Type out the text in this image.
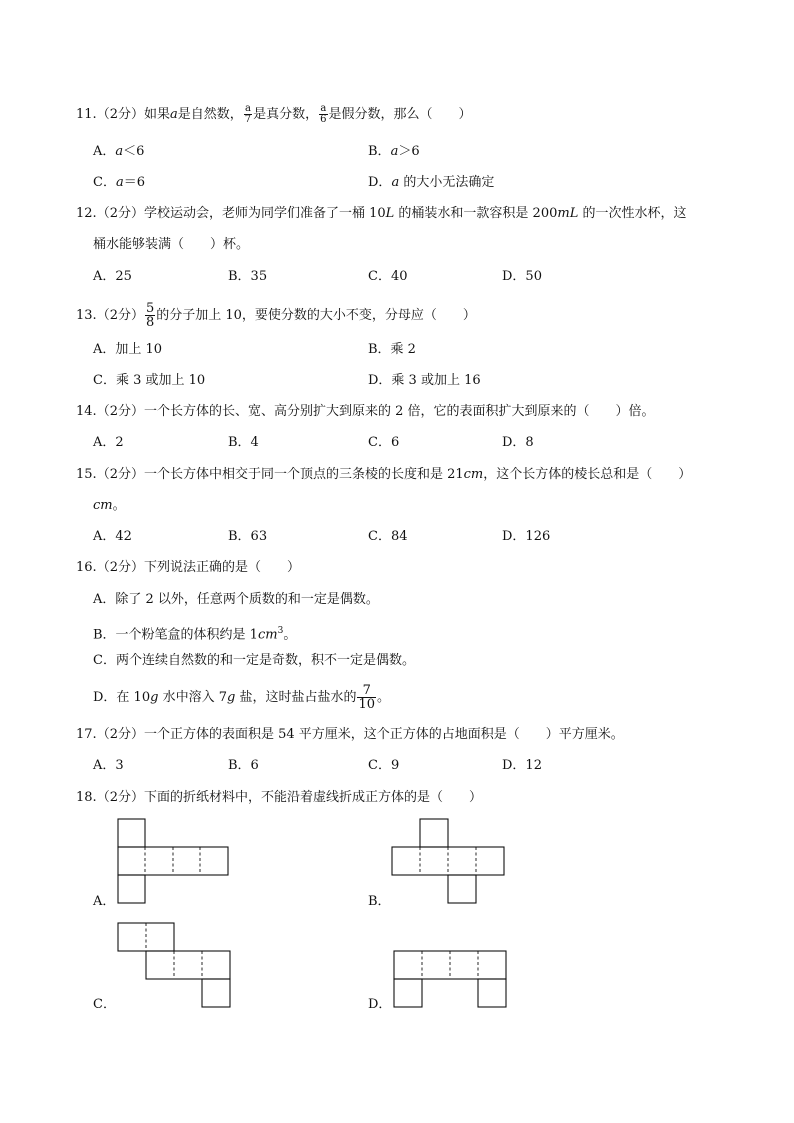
11.（2分）如果a是自然数， $\frac{a}{7}$ 是真分数， $\frac{a}{6}$ 是假分数，那么（　　）
A．a＜6	B．a＞6
C．a＝6	D．a 的大小无法确定
12.（2分）学校运动会，老师为同学们准备了一桶 10L 的桶装水和一款容积是 200mL 的一次性水杯，这
桶水能够装满（　　）杯。
A．25	B．35	C．40	D．50
13.（2分） $\frac{5}{8}$ 的分子加上 10，要使分数的大小不变，分母应（　　）
A．加上 10	B．乘 2
C．乘 3 或加上 10	D．乘 3 或加上 16
14.（2分）一个长方体的长、宽、高分别扩大到原来的 2 倍，它的表面积扩大到原来的（　　）倍。
A．2	B．4	C．6	D．8
15.（2分）一个长方体中相交于同一个顶点的三条棱的长度和是 21cm，这个长方体的棱长总和是（　　）
cm。
A．42	B．63	C．84	D．126
16.（2分）下列说法正确的是（　　）
A．除了 2 以外，任意两个质数的和一定是偶数。
B．一个粉笔盒的体积约是 $1cm^3$。
C．两个连续自然数的和一定是奇数，积不一定是偶数。
D．在 10g 水中溶入 7g 盐，这时盐占盐水的 $\frac{7}{10}$ 。
17.（2分）一个正方体的表面积是 54 平方厘米，这个正方体的占地面积是（　　）平方厘米。
A．3	B．6	C．9	D．12
18.（2分）下面的折纸材料中，不能沿着虚线折成正方体的是（　　）
A．	B．
C．	D．
